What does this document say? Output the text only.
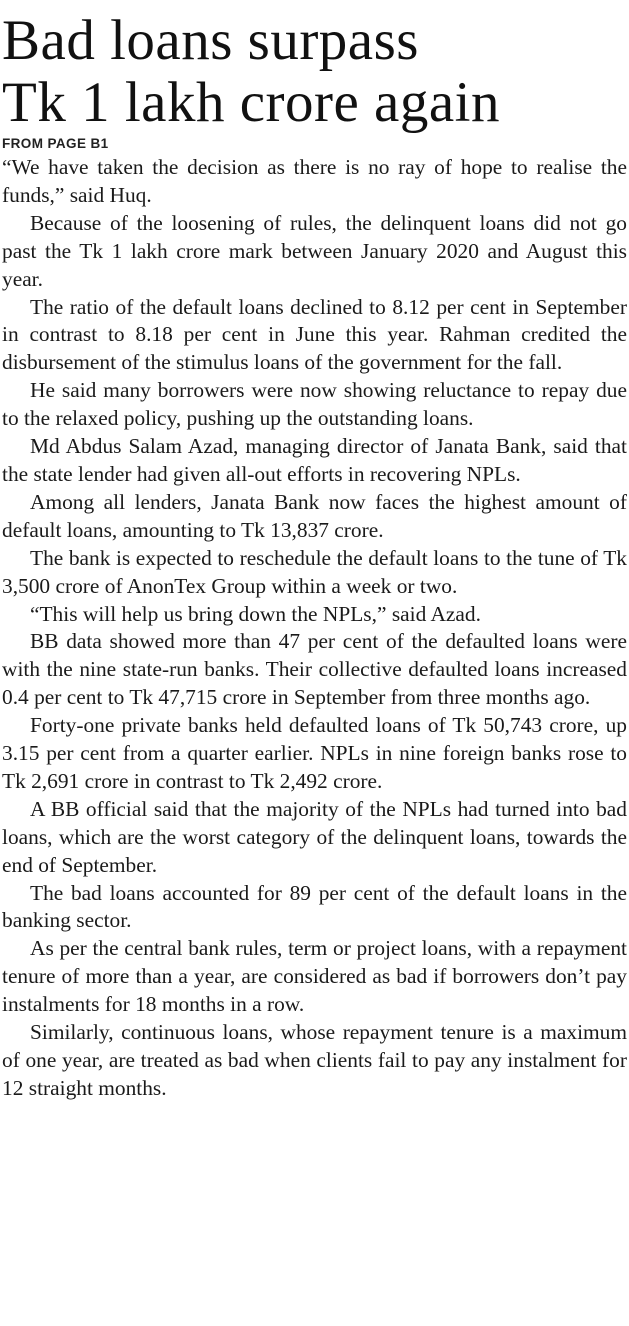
Bad loans surpass
Tk 1 lakh crore again
FROM PAGE B1

“We have taken the decision as there is no ray of hope to realise the funds,” said Huq.

Because of the loosening of rules, the delinquent loans did not go past the Tk 1 lakh crore mark between January 2020 and August this year.

The ratio of the default loans declined to 8.12 per cent in September in contrast to 8.18 per cent in June this year. Rahman credited the disbursement of the stimulus loans of the government for the fall.

He said many borrowers were now showing reluctance to repay due to the relaxed policy, pushing up the outstanding loans.

Md Abdus Salam Azad, managing director of Janata Bank, said that the state lender had given all-out efforts in recovering NPLs.

Among all lenders, Janata Bank now faces the highest amount of default loans, amounting to Tk 13,837 crore.

The bank is expected to reschedule the default loans to the tune of Tk 3,500 crore of AnonTex Group within a week or two.

“This will help us bring down the NPLs,” said Azad.

BB data showed more than 47 per cent of the defaulted loans were with the nine state-run banks. Their collective defaulted loans increased 0.4 per cent to Tk 47,715 crore in September from three months ago.

Forty-one private banks held defaulted loans of Tk 50,743 crore, up 3.15 per cent from a quarter earlier. NPLs in nine foreign banks rose to Tk 2,691 crore in contrast to Tk 2,492 crore.

A BB official said that the majority of the NPLs had turned into bad loans, which are the worst category of the delinquent loans, towards the end of September.

The bad loans accounted for 89 per cent of the default loans in the banking sector.

As per the central bank rules, term or project loans, with a repayment tenure of more than a year, are considered as bad if borrowers don’t pay instalments for 18 months in a row.

Similarly, continuous loans, whose repayment tenure is a maximum of one year, are treated as bad when clients fail to pay any instalment for 12 straight months.
